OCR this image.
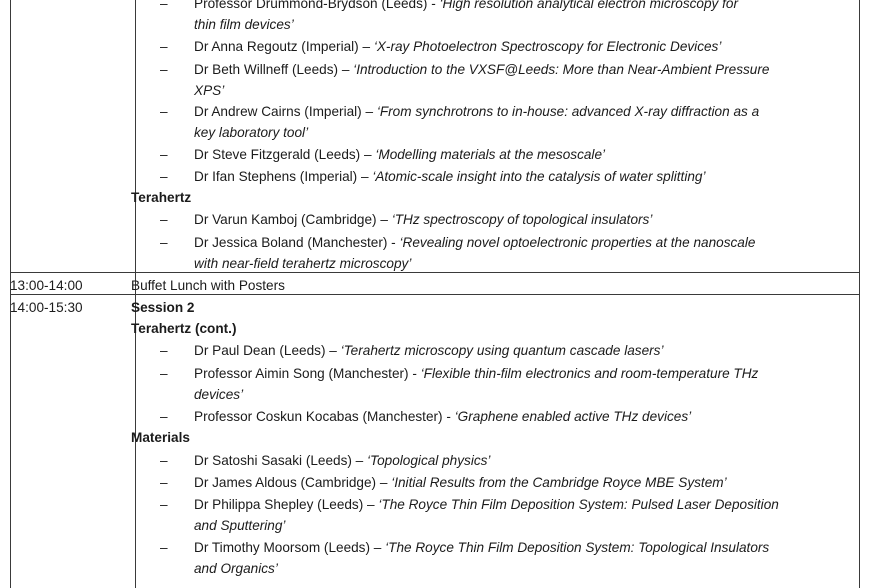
– Professor Drummond-Brydson (Leeds) - ‘High resolution analytical electron microscopy for
thin film devices’
– Dr Anna Regoutz (Imperial) – ‘X-ray Photoelectron Spectroscopy for Electronic Devices’
– Dr Beth Willneff (Leeds) – ‘Introduction to the VXSF@Leeds: More than Near-Ambient Pressure
XPS’
– Dr Andrew Cairns (Imperial) – ‘From synchrotrons to in-house: advanced X-ray diffraction as a
key laboratory tool’
– Dr Steve Fitzgerald (Leeds) – ‘Modelling materials at the mesoscale’
– Dr Ifan Stephens (Imperial) – ‘Atomic-scale insight into the catalysis of water splitting’
Terahertz
– Dr Varun Kamboj (Cambridge) – ‘THz spectroscopy of topological insulators’
– Dr Jessica Boland (Manchester) - ‘Revealing novel optoelectronic properties at the nanoscale
with near-field terahertz microscopy’
13:00-14:00	Buffet Lunch with Posters
14:00-15:30	Session 2
Terahertz (cont.)
– Dr Paul Dean (Leeds) – ‘Terahertz microscopy using quantum cascade lasers’
– Professor Aimin Song (Manchester) - ‘Flexible thin-film electronics and room-temperature THz
devices’
– Professor Coskun Kocabas (Manchester) - ‘Graphene enabled active THz devices’
Materials
– Dr Satoshi Sasaki (Leeds) – ‘Topological physics’
– Dr James Aldous (Cambridge) – ‘Initial Results from the Cambridge Royce MBE System’
– Dr Philippa Shepley (Leeds) – ‘The Royce Thin Film Deposition System: Pulsed Laser Deposition
and Sputtering’
– Dr Timothy Moorsom (Leeds) – ‘The Royce Thin Film Deposition System: Topological Insulators
and Organics’
